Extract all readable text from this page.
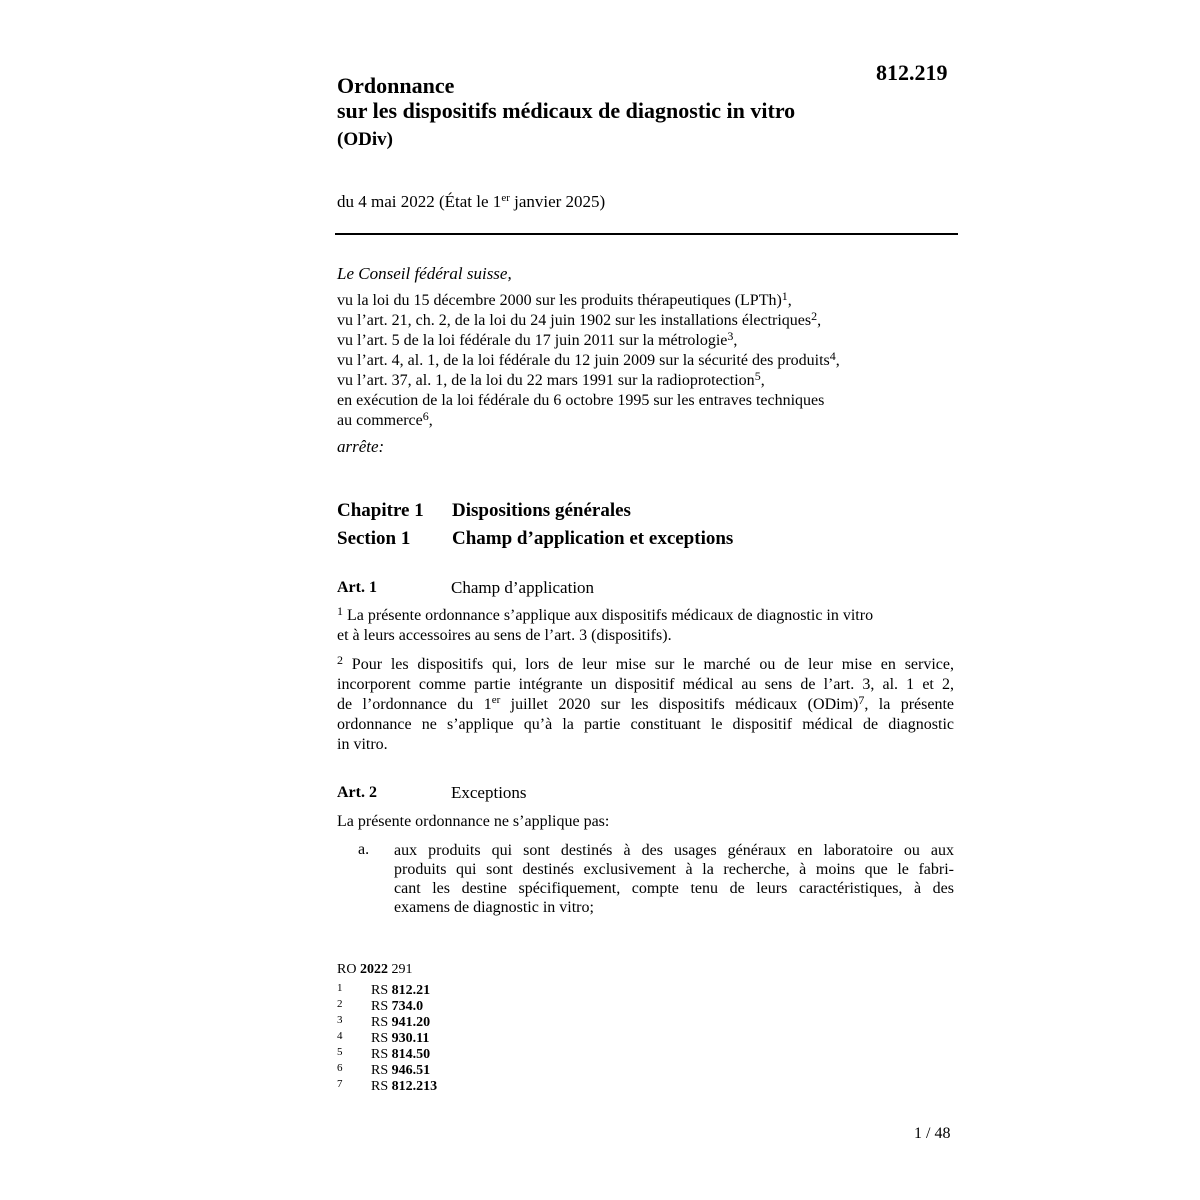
812.219
Ordonnance
sur les dispositifs médicaux de diagnostic in vitro
(ODiv)
du 4 mai 2022 (État le 1er janvier 2025)
Le Conseil fédéral suisse,
vu la loi du 15 décembre 2000 sur les produits thérapeutiques (LPTh)$^1$,
vu l’art. 21, ch. 2, de la loi du 24 juin 1902 sur les installations électriques$^2$,
vu l’art. 5 de la loi fédérale du 17 juin 2011 sur la métrologie$^3$,
vu l’art. 4, al. 1, de la loi fédérale du 12 juin 2009 sur la sécurité des produits$^4$,
vu l’art. 37, al. 1, de la loi du 22 mars 1991 sur la radioprotection$^5$,
en exécution de la loi fédérale du 6 octobre 1995 sur les entraves techniques
au commerce$^6$,
arrête:
Chapitre 1 Dispositions générales
Section 1 Champ d’application et exceptions
Art. 1	Champ d’application
$^1$ La présente ordonnance s’applique aux dispositifs médicaux de diagnostic in vitro
et à leurs accessoires au sens de l’art. 3 (dispositifs).
$^2$ Pour les dispositifs qui, lors de leur mise sur le marché ou de leur mise en service,
incorporent comme partie intégrante un dispositif médical au sens de l’art. 3, al. 1 et 2,
de l’ordonnance du 1er juillet 2020 sur les dispositifs médicaux (ODim)$^7$, la présente
ordonnance ne s’applique qu’à la partie constituant le dispositif médical de diagnostic
in vitro.
Art. 2	Exceptions
La présente ordonnance ne s’applique pas:
a. aux produits qui sont destinés à des usages généraux en laboratoire ou aux
produits qui sont destinés exclusivement à la recherche, à moins que le fabri-
cant les destine spécifiquement, compte tenu de leurs caractéristiques, à des
examens de diagnostic in vitro;
RO 2022 291
1 RS 812.21
2 RS 734.0
3 RS 941.20
4 RS 930.11
5 RS 814.50
6 RS 946.51
7 RS 812.213
1 / 48
